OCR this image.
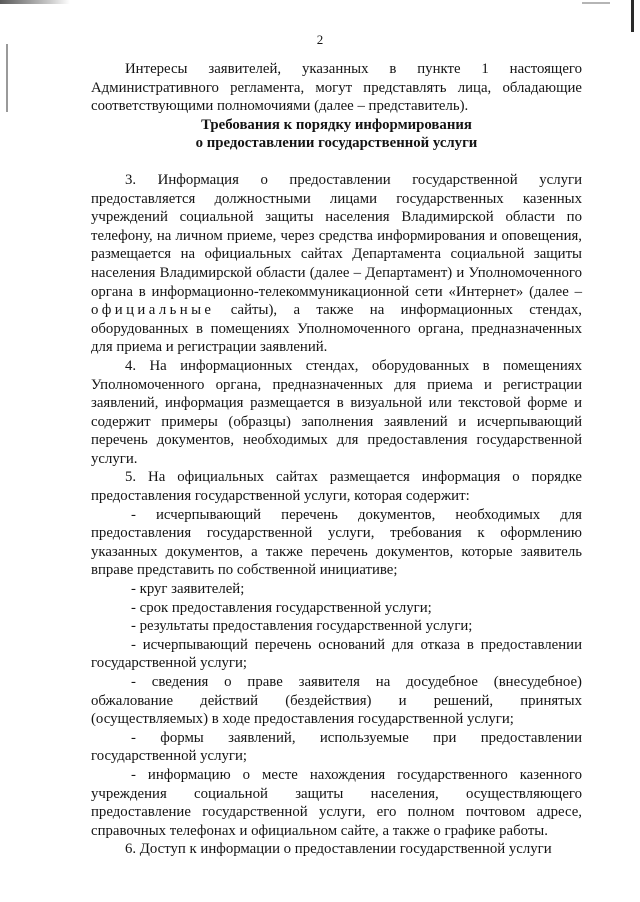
2

Интересы заявителей, указанных в пункте 1 настоящего Административного регламента, могут представлять лица, обладающие соответствующими полномочиями (далее – представитель).

Требования к порядку информирования

о предоставлении государственной услуги

3. Информация о предоставлении государственной услуги предоставляется должностными лицами государственных казенных учреждений социальной защиты населения Владимирской области по телефону, на личном приеме, через средства информирования и оповещения, размещается на официальных сайтах Департамента социальной защиты населения Владимирской области (далее – Департамент) и Уполномоченного органа в информационно-телекоммуникационной сети «Интернет» (далее – официальные сайты), а также на информационных стендах, оборудованных в помещениях Уполномоченного органа, предназначенных для приема и регистрации заявлений.

4. На информационных стендах, оборудованных в помещениях Уполномоченного органа, предназначенных для приема и регистрации заявлений, информация размещается в визуальной или текстовой форме и содержит примеры (образцы) заполнения заявлений и исчерпывающий перечень документов, необходимых для предоставления государственной услуги.

5. На официальных сайтах размещается информация о порядке предоставления государственной услуги, которая содержит:

- исчерпывающий перечень документов, необходимых для предоставления государственной услуги, требования к оформлению указанных документов, а также перечень документов, которые заявитель вправе представить по собственной инициативе;

- круг заявителей;

- срок предоставления государственной услуги;

- результаты предоставления государственной услуги;

- исчерпывающий перечень оснований для отказа в предоставлении государственной услуги;

- сведения о праве заявителя на досудебное (внесудебное) обжалование действий (бездействия) и решений, принятых (осуществляемых) в ходе предоставления государственной услуги;

- формы заявлений, используемые при предоставлении государственной услуги;

- информацию о месте нахождения государственного казенного учреждения социальной защиты населения, осуществляющего предоставление государственной услуги, его полном почтовом адресе, справочных телефонах и официальном сайте, а также о графике работы.

6. Доступ к информации о предоставлении государственной услуги
